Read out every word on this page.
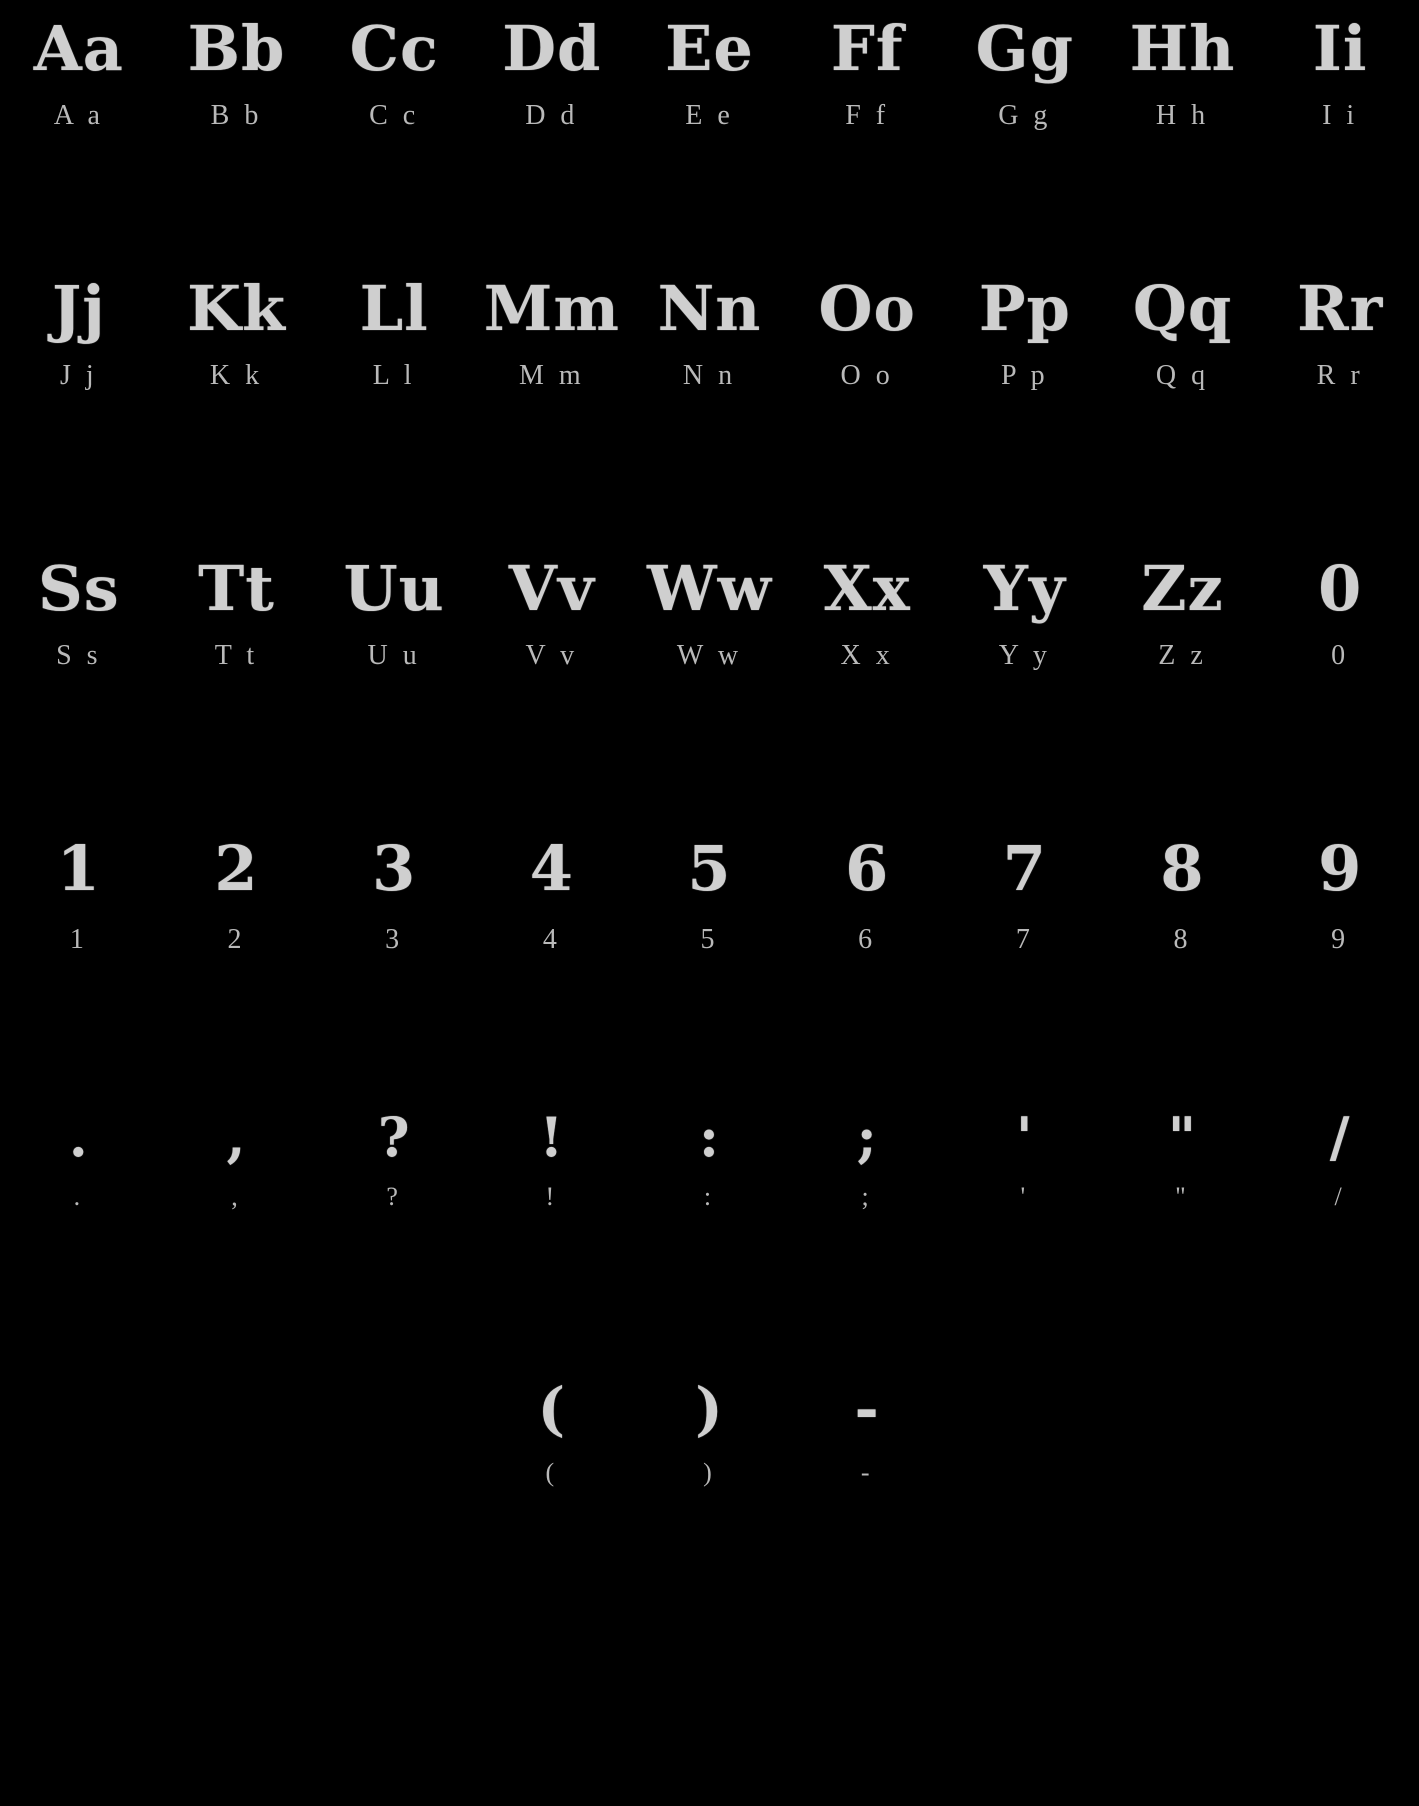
Aa
A a
Bb
B b
Cc
C c
Dd
D d
Ee
E e
Ff
F f
Gg
G g
Hh
H h
Ii
I i
Jj
J j
Kk
K k
Ll
L l
Mm
M m
Nn
N n
Oo
O o
Pp
P p
Qq
Q q
Rr
R r
Ss
S s
Tt
T t
Uu
U u
Vv
V v
Ww
W w
Xx
X x
Yy
Y y
Zz
Z z
0
0
1
1
2
2
3
3
4
4
5
5
6
6
7
7
8
8
9
9
.
.
,
,
?
?
!
!
:
:
;
;
'
'
"
"
/
/
(
(
)
)
-
-
